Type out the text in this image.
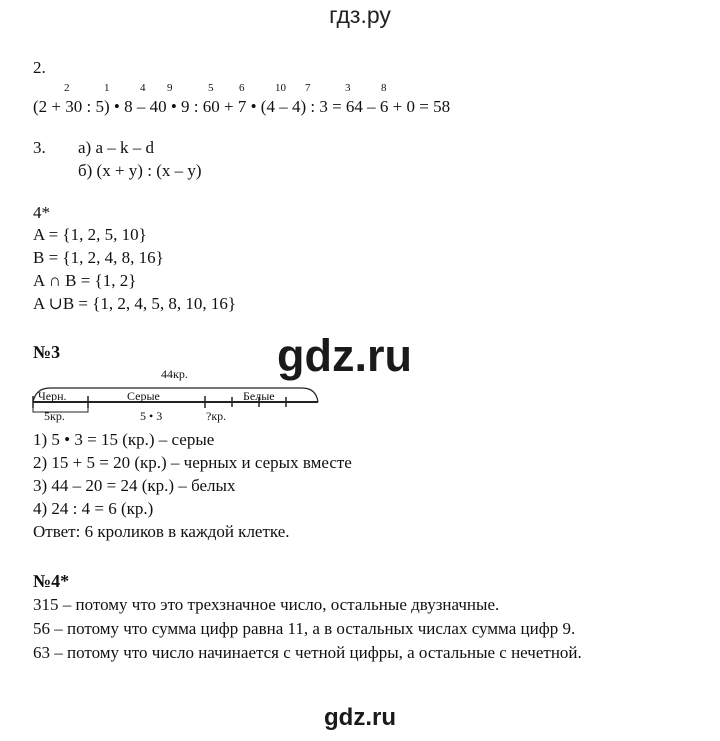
гдз.ру
gdz.ru
gdz.ru
2.
2	1	4 9	5 6	10 7	3	8
(2 + 30 : 5) • 8 – 40 • 9 : 60 + 7 • (4 – 4) : 3 = 64 – 6 + 0 = 58
3. а) a – k – d
б) (x + y) : (x – y)
4*
A = {1, 2, 5, 10}
B = {1, 2, 4, 8, 16}
A ∩ B = {1, 2}
A ∪B = {1, 2, 4, 5, 8, 10, 16}
№3
44кр.
Черн.	Серые	Белые
5кр.	5 • 3	?кр.
1) 5 • 3 = 15 (кр.) – серые
2) 15 + 5 = 20 (кр.) – черных и серых вместе
3) 44 – 20 = 24 (кр.) – белых
4) 24 : 4 = 6 (кр.)
Ответ: 6 кроликов в каждой клетке.
№4*
315 – потому что это трехзначное число, остальные двузначные.
56 – потому что сумма цифр равна 11, а в остальных числах сумма цифр 9.
63 – потому что число начинается с четной цифры, а остальные с нечетной.
